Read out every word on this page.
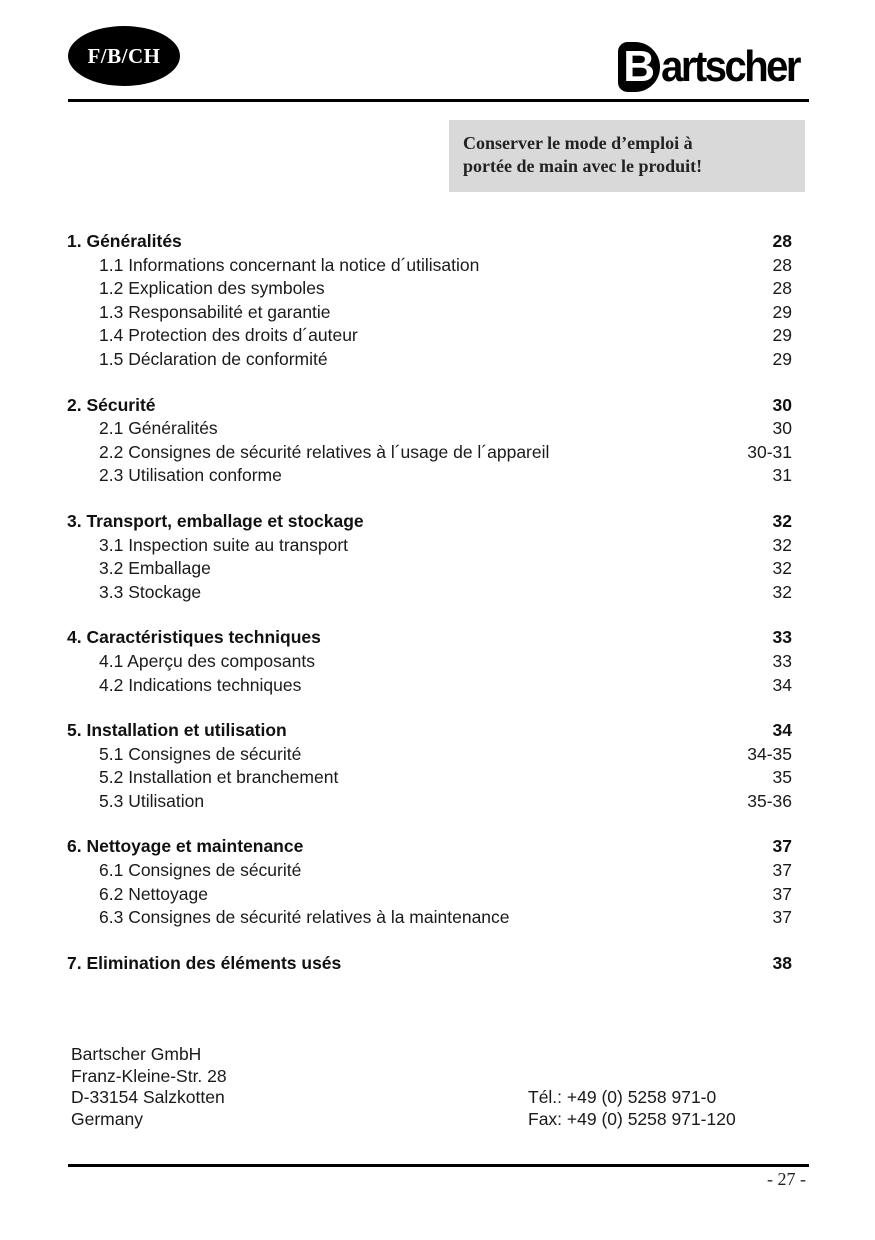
F/B/CH	B artscher
Conserver le mode d’emploi à
portée de main avec le produit!
1. Généralités	28
1.1 Informations concernant la notice d´utilisation	28
1.2 Explication des symboles	28
1.3 Responsabilité et garantie	29
1.4 Protection des droits d´auteur	29
1.5 Déclaration de conformité	29
2. Sécurité	30
2.1 Généralités	30
2.2 Consignes de sécurité relatives à l´usage de l´appareil	30-31
2.3 Utilisation conforme	31
3. Transport, emballage et stockage	32
3.1 Inspection suite au transport	32
3.2 Emballage	32
3.3 Stockage	32
4. Caractéristiques techniques	33
4.1 Aperçu des composants	33
4.2 Indications techniques	34
5. Installation et utilisation	34
5.1 Consignes de sécurité	34-35
5.2 Installation et branchement	35
5.3 Utilisation	35-36
6. Nettoyage et maintenance	37
6.1 Consignes de sécurité	37
6.2 Nettoyage	37
6.3 Consignes de sécurité relatives à la maintenance	37
7. Elimination des éléments usés	38
Bartscher GmbH
Franz-Kleine-Str. 28
D-33154 Salzkotten
Germany
Tél.: +49 (0) 5258 971-0
Fax: +49 (0) 5258 971-120
- 27 -
